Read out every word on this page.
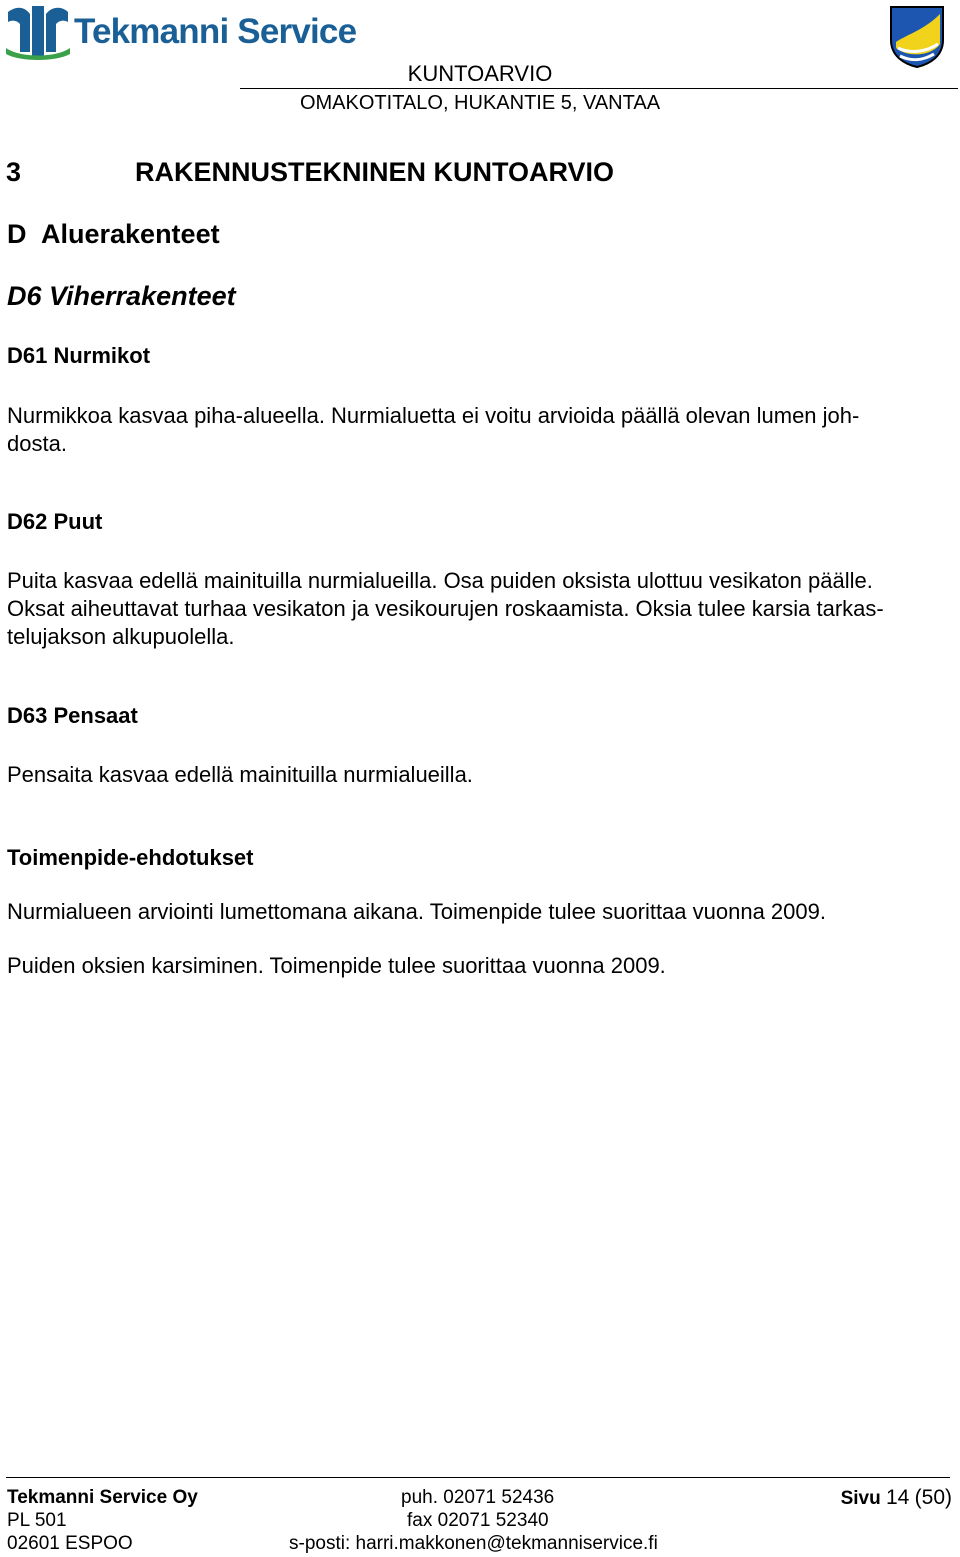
Tekmanni Service
KUNTOARVIO
OMAKOTITALO, HUKANTIE 5, VANTAA
3	RAKENNUSTEKNINEN KUNTOARVIO
D Aluerakenteet
D6 Viherrakenteet
D61 Nurmikot
Nurmikkoa kasvaa piha-alueella. Nurmialuetta ei voitu arvioida päällä olevan lumen joh-
dosta.
D62 Puut
Puita kasvaa edellä mainituilla nurmialueilla. Osa puiden oksista ulottuu vesikaton päälle.
Oksat aiheuttavat turhaa vesikaton ja vesikourujen roskaamista. Oksia tulee karsia tarkas-
telujakson alkupuolella.
D63 Pensaat
Pensaita kasvaa edellä mainituilla nurmialueilla.
Toimenpide-ehdotukset
Nurmialueen arviointi lumettomana aikana. Toimenpide tulee suorittaa vuonna 2009.
Puiden oksien karsiminen. Toimenpide tulee suorittaa vuonna 2009.
Tekmanni Service Oy
PL 501
02601 ESPOO
puh. 02071 52436
fax 02071 52340
s-posti: harri.makkonen@tekmanniservice.fi
Sivu 14 (50)
